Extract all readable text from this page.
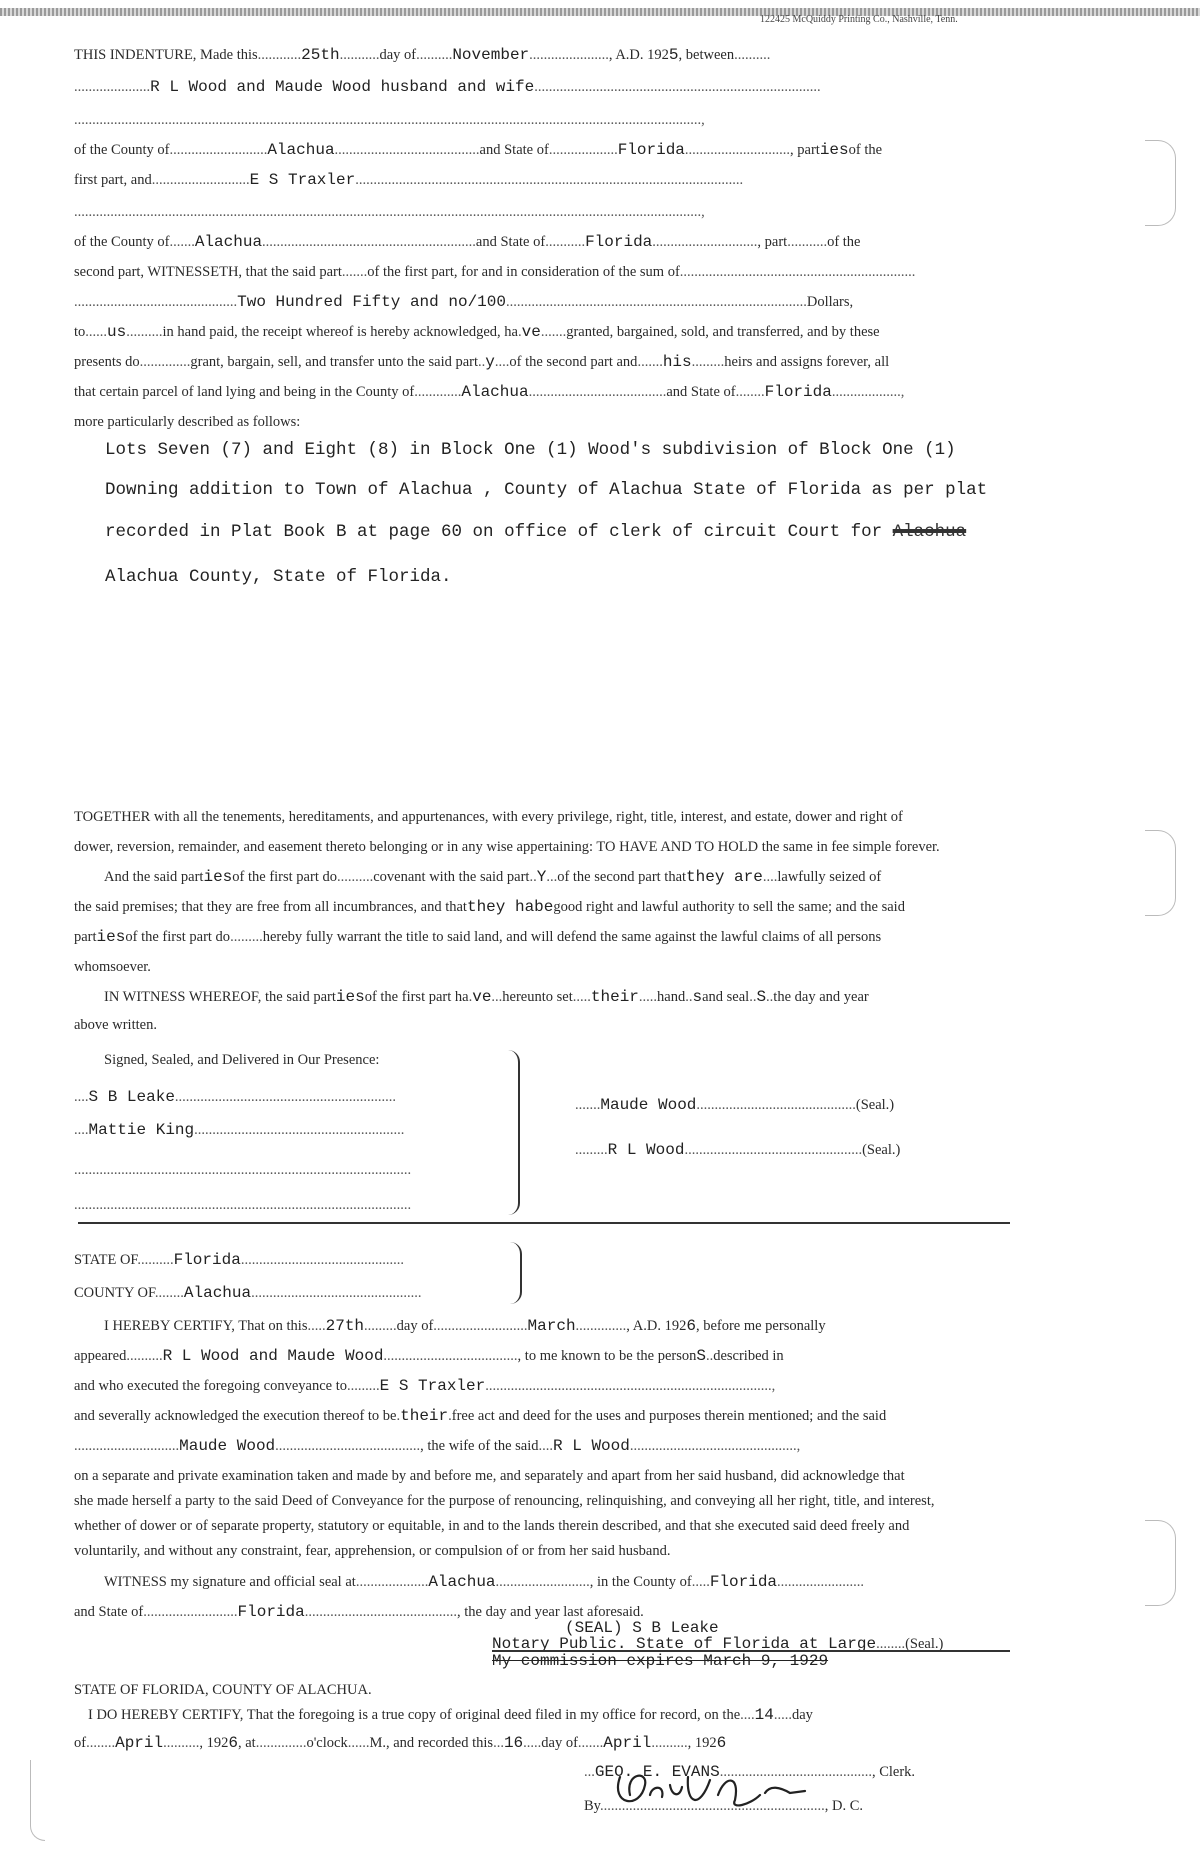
122425 McQuiddy Printing Co., Nashville, Tenn.
THIS INDENTURE, Made this............25th...........day of..........November......................, A.D. 1925, between..........
.....................R L Wood and Maude Wood husband and wife...............................................................................
.............................................................................................................................................................................,
of the County of...........................Alachua........................................and State of...................Florida............................., partiesof the
first part, and...........................E S Traxler...........................................................................................................
.............................................................................................................................................................................,
of the County of.......Alachua...........................................................and State of...........Florida............................., part...........of the
second part, WITNESSETH, that the said part.......of the first part, for and in consideration of the sum of.................................................................
.............................................Two Hundred Fifty and no/100...................................................................................Dollars,
to......us..........in hand paid, the receipt whereof is hereby acknowledged, ha.ve.......granted, bargained, sold, and transferred, and by these
presents do..............grant, bargain, sell, and transfer unto the said part..y....of the second part and.......his.........heirs and assigns forever, all
that certain parcel of land lying and being in the County of.............Alachua......................................and State of........Florida...................,
more particularly described as follows:
Lots Seven (7) and Eight (8) in Block One (1) Wood's subdivision of Block One (1)
Downing addition to Town of Alachua , County of Alachua State of Florida as per plat
recorded in Plat Book B at page 60 on office of clerk of circuit Court for Alachua
Alachua County, State of Florida.
TOGETHER with all the tenements, hereditaments, and appurtenances, with every privilege, right, title, interest, and estate, dower and right of
dower, reversion, remainder, and easement thereto belonging or in any wise appertaining: TO HAVE AND TO HOLD the same in fee simple forever.
And the said partiesof the first part do..........covenant with the said part..Y...of the second part thatthey are....lawfully seized of
the said premises; that they are free from all incumbrances, and thatthey habegood right and lawful authority to sell the same; and the said
partiesof the first part do.........hereby fully warrant the title to said land, and will defend the same against the lawful claims of all persons
whomsoever.
IN WITNESS WHEREOF, the said partiesof the first part ha.ve...hereunto set.....their.....hand..sand seal..S..the day and year
above written.
Signed, Sealed, and Delivered in Our Presence:
....S B Leake.............................................................
....Mattie King..........................................................
.............................................................................................
.............................................................................................
.......Maude Wood............................................(Seal.)
.........R L Wood.................................................(Seal.)
STATE OF..........Florida.............................................
COUNTY OF........Alachua...............................................
I HEREBY CERTIFY, That on this.....27th.........day of..........................March.............., A.D. 1926, before me personally
appeared..........R L Wood and Maude Wood....................................., to me known to be the personS..described in
and who executed the foregoing conveyance to.........E S Traxler...............................................................................,
and severally acknowledged the execution thereof to be.their.free act and deed for the uses and purposes therein mentioned; and the said
.............................Maude Wood........................................, the wife of the said....R L Wood..............................................,
on a separate and private examination taken and made by and before me, and separately and apart from her said husband, did acknowledge that
she made herself a party to the said Deed of Conveyance for the purpose of renouncing, relinquishing, and conveying all her right, title, and interest,
whether of dower or of separate property, statutory or equitable, in and to the lands therein described, and that she executed said deed freely and
voluntarily, and without any constraint, fear, apprehension, or compulsion of or from her said husband.
WITNESS my signature and official seal at....................Alachua.........................., in the County of.....Florida........................
and State of..........................Florida.........................................., the day and year last aforesaid.
(SEAL) S B Leake
Notary Public. State of Florida at Large........(Seal.)
My commission expires March 9, 1929
STATE OF FLORIDA, COUNTY OF ALACHUA.
I DO HEREBY CERTIFY, That the foregoing is a true copy of original deed filed in my office for record, on the....14.....day
of........April.........., 1926, at..............o'clock......M., and recorded this...16.....day of.......April.........., 1926
...GEO. E. EVANS.........................................., Clerk.
By.............................................................., D. C.
